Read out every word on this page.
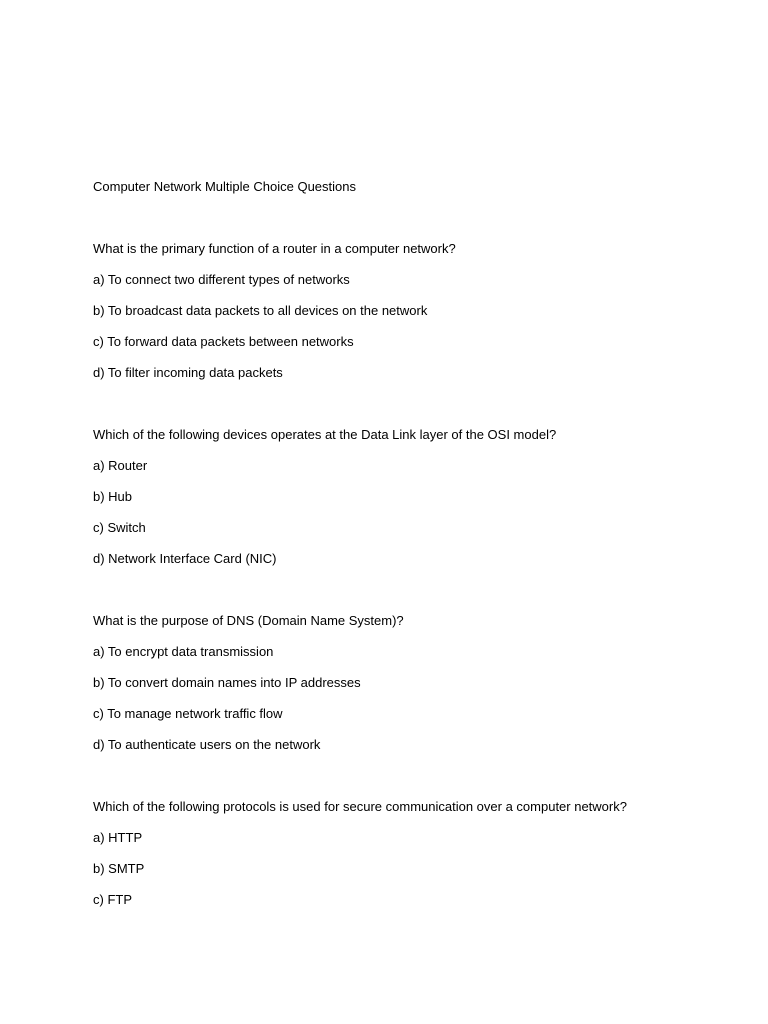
Computer Network Multiple Choice Questions

What is the primary function of a router in a computer network?

a) To connect two different types of networks
b) To broadcast data packets to all devices on the network
c) To forward data packets between networks
d) To filter incoming data packets

Which of the following devices operates at the Data Link layer of the OSI model?

a) Router
b) Hub
c) Switch
d) Network Interface Card (NIC)

What is the purpose of DNS (Domain Name System)?

a) To encrypt data transmission
b) To convert domain names into IP addresses
c) To manage network traffic flow
d) To authenticate users on the network

Which of the following protocols is used for secure communication over a computer network?

a) HTTP
b) SMTP
c) FTP
